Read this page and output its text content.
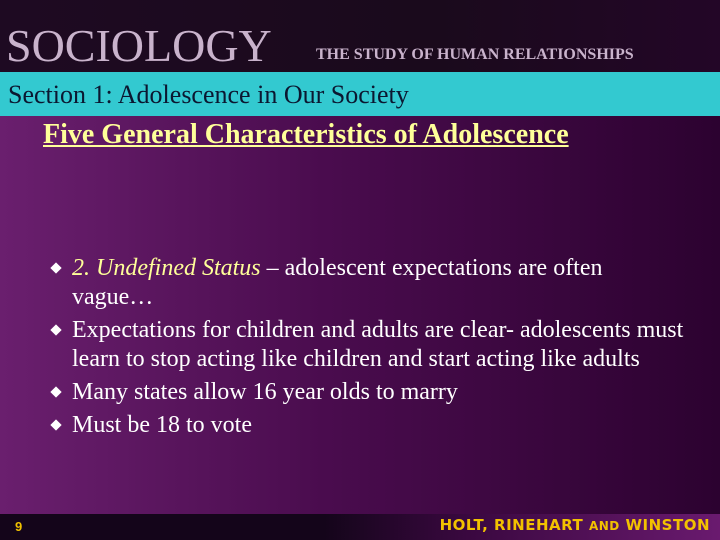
SOCIOLOGY	THE STUDY OF HUMAN RELATIONSHIPS
Section 1: Adolescence in Our Society
Five General Characteristics of Adolescence
2. Undefined Status – adolescent expectations are often vague…
Expectations for children and adults are clear- adolescents must learn to stop acting like children and start acting like adults
Many states allow 16 year olds to marry
Must be 18 to vote
9	HOLT, RINEHART AND WINSTON
